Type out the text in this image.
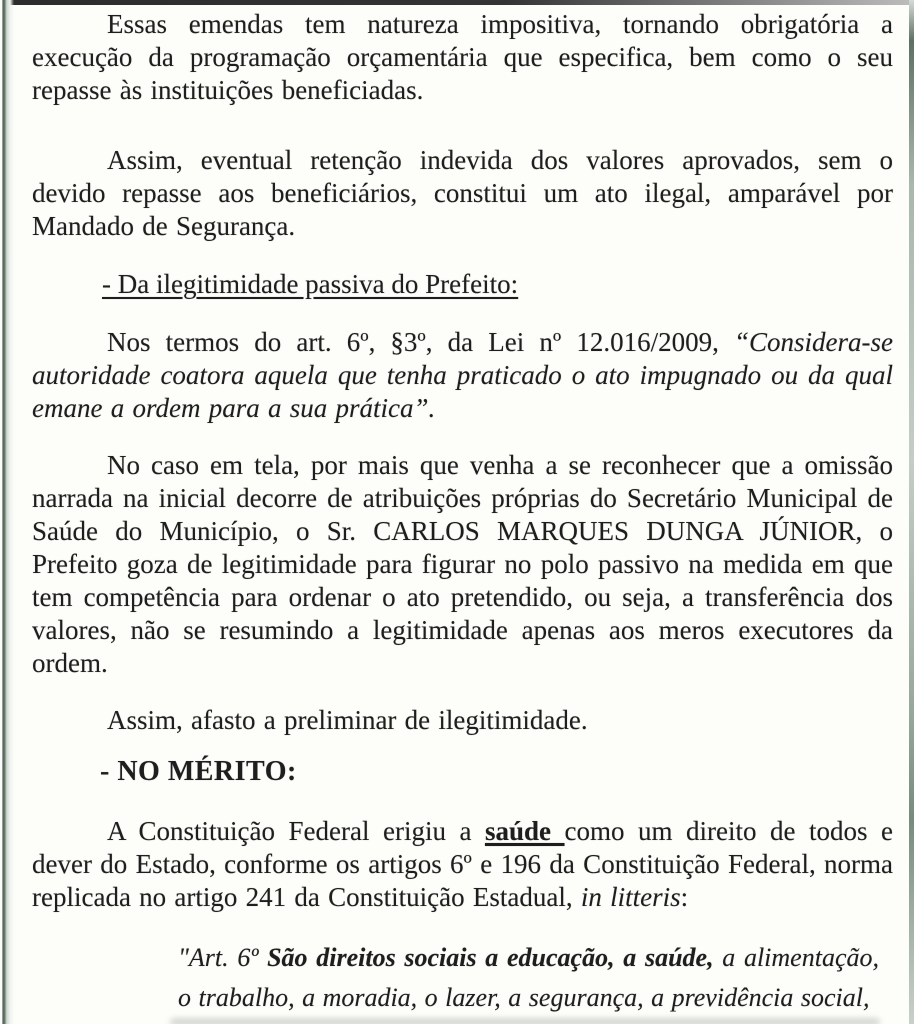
Essas emendas tem natureza impositiva, tornando obrigatória a execução da programação orçamentária que especifica, bem como o seu repasse às instituições beneficiadas.

Assim, eventual retenção indevida dos valores aprovados, sem o devido repasse aos beneficiários, constitui um ato ilegal, amparável por Mandado de Segurança.

- Da ilegitimidade passiva do Prefeito:

Nos termos do art. 6º, §3º, da Lei nº 12.016/2009, “Considera-se autoridade coatora aquela que tenha praticado o ato impugnado ou da qual emane a ordem para a sua prática”.

No caso em tela, por mais que venha a se reconhecer que a omissão narrada na inicial decorre de atribuições próprias do Secretário Municipal de Saúde do Município, o Sr. CARLOS MARQUES DUNGA JÚNIOR, o Prefeito goza de legitimidade para figurar no polo passivo na medida em que tem competência para ordenar o ato pretendido, ou seja, a transferência dos valores, não se resumindo a legitimidade apenas aos meros executores da ordem.

Assim, afasto a preliminar de ilegitimidade.

- NO MÉRITO:

A Constituição Federal erigiu a saúde como um direito de todos e dever do Estado, conforme os artigos 6º e 196 da Constituição Federal, norma replicada no artigo 241 da Constituição Estadual, in litteris:

"Art. 6º São direitos sociais a educação, a saúde, a alimentação, o trabalho, a moradia, o lazer, a segurança, a previdência social,
